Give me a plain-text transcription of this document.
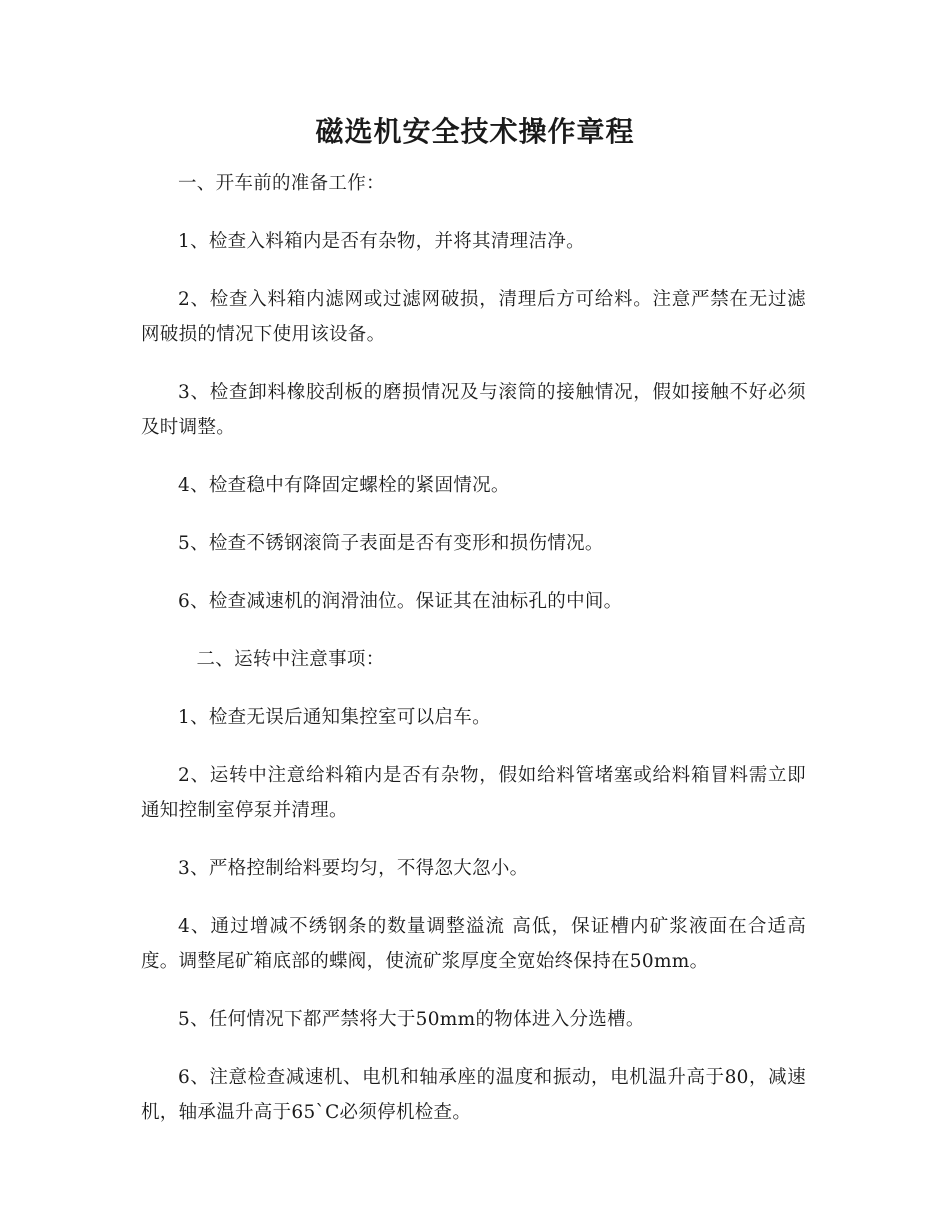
磁选机安全技术操作章程

一、开车前的准备工作：

1、检查入料箱内是否有杂物，并将其清理洁净。

2、检查入料箱内滤网或过滤网破损，清理后方可给料。注意严禁在无过滤网破损的情况下使用该设备。

3、检查卸料橡胶刮板的磨损情况及与滚筒的接触情况，假如接触不好必须及时调整。

4、检查稳中有降固定螺栓的紧固情况。

5、检查不锈钢滚筒子表面是否有变形和损伤情况。

6、检查减速机的润滑油位。保证其在油标孔的中间。

二、运转中注意事项：

1、检查无误后通知集控室可以启车。

2、运转中注意给料箱内是否有杂物，假如给料管堵塞或给料箱冒料需立即通知控制室停泵并清理。

3、严格控制给料要均匀，不得忽大忽小。

4、通过增减不绣钢条的数量调整溢流 高低，保证槽内矿浆液面在合适高度。调整尾矿箱底部的蝶阀，使流矿浆厚度全宽始终保持在50mm。

5、任何情况下都严禁将大于50mm的物体进入分选槽。

6、注意检查减速机、电机和轴承座的温度和振动，电机温升高于80，减速机，轴承温升高于65`C必须停机检查。
